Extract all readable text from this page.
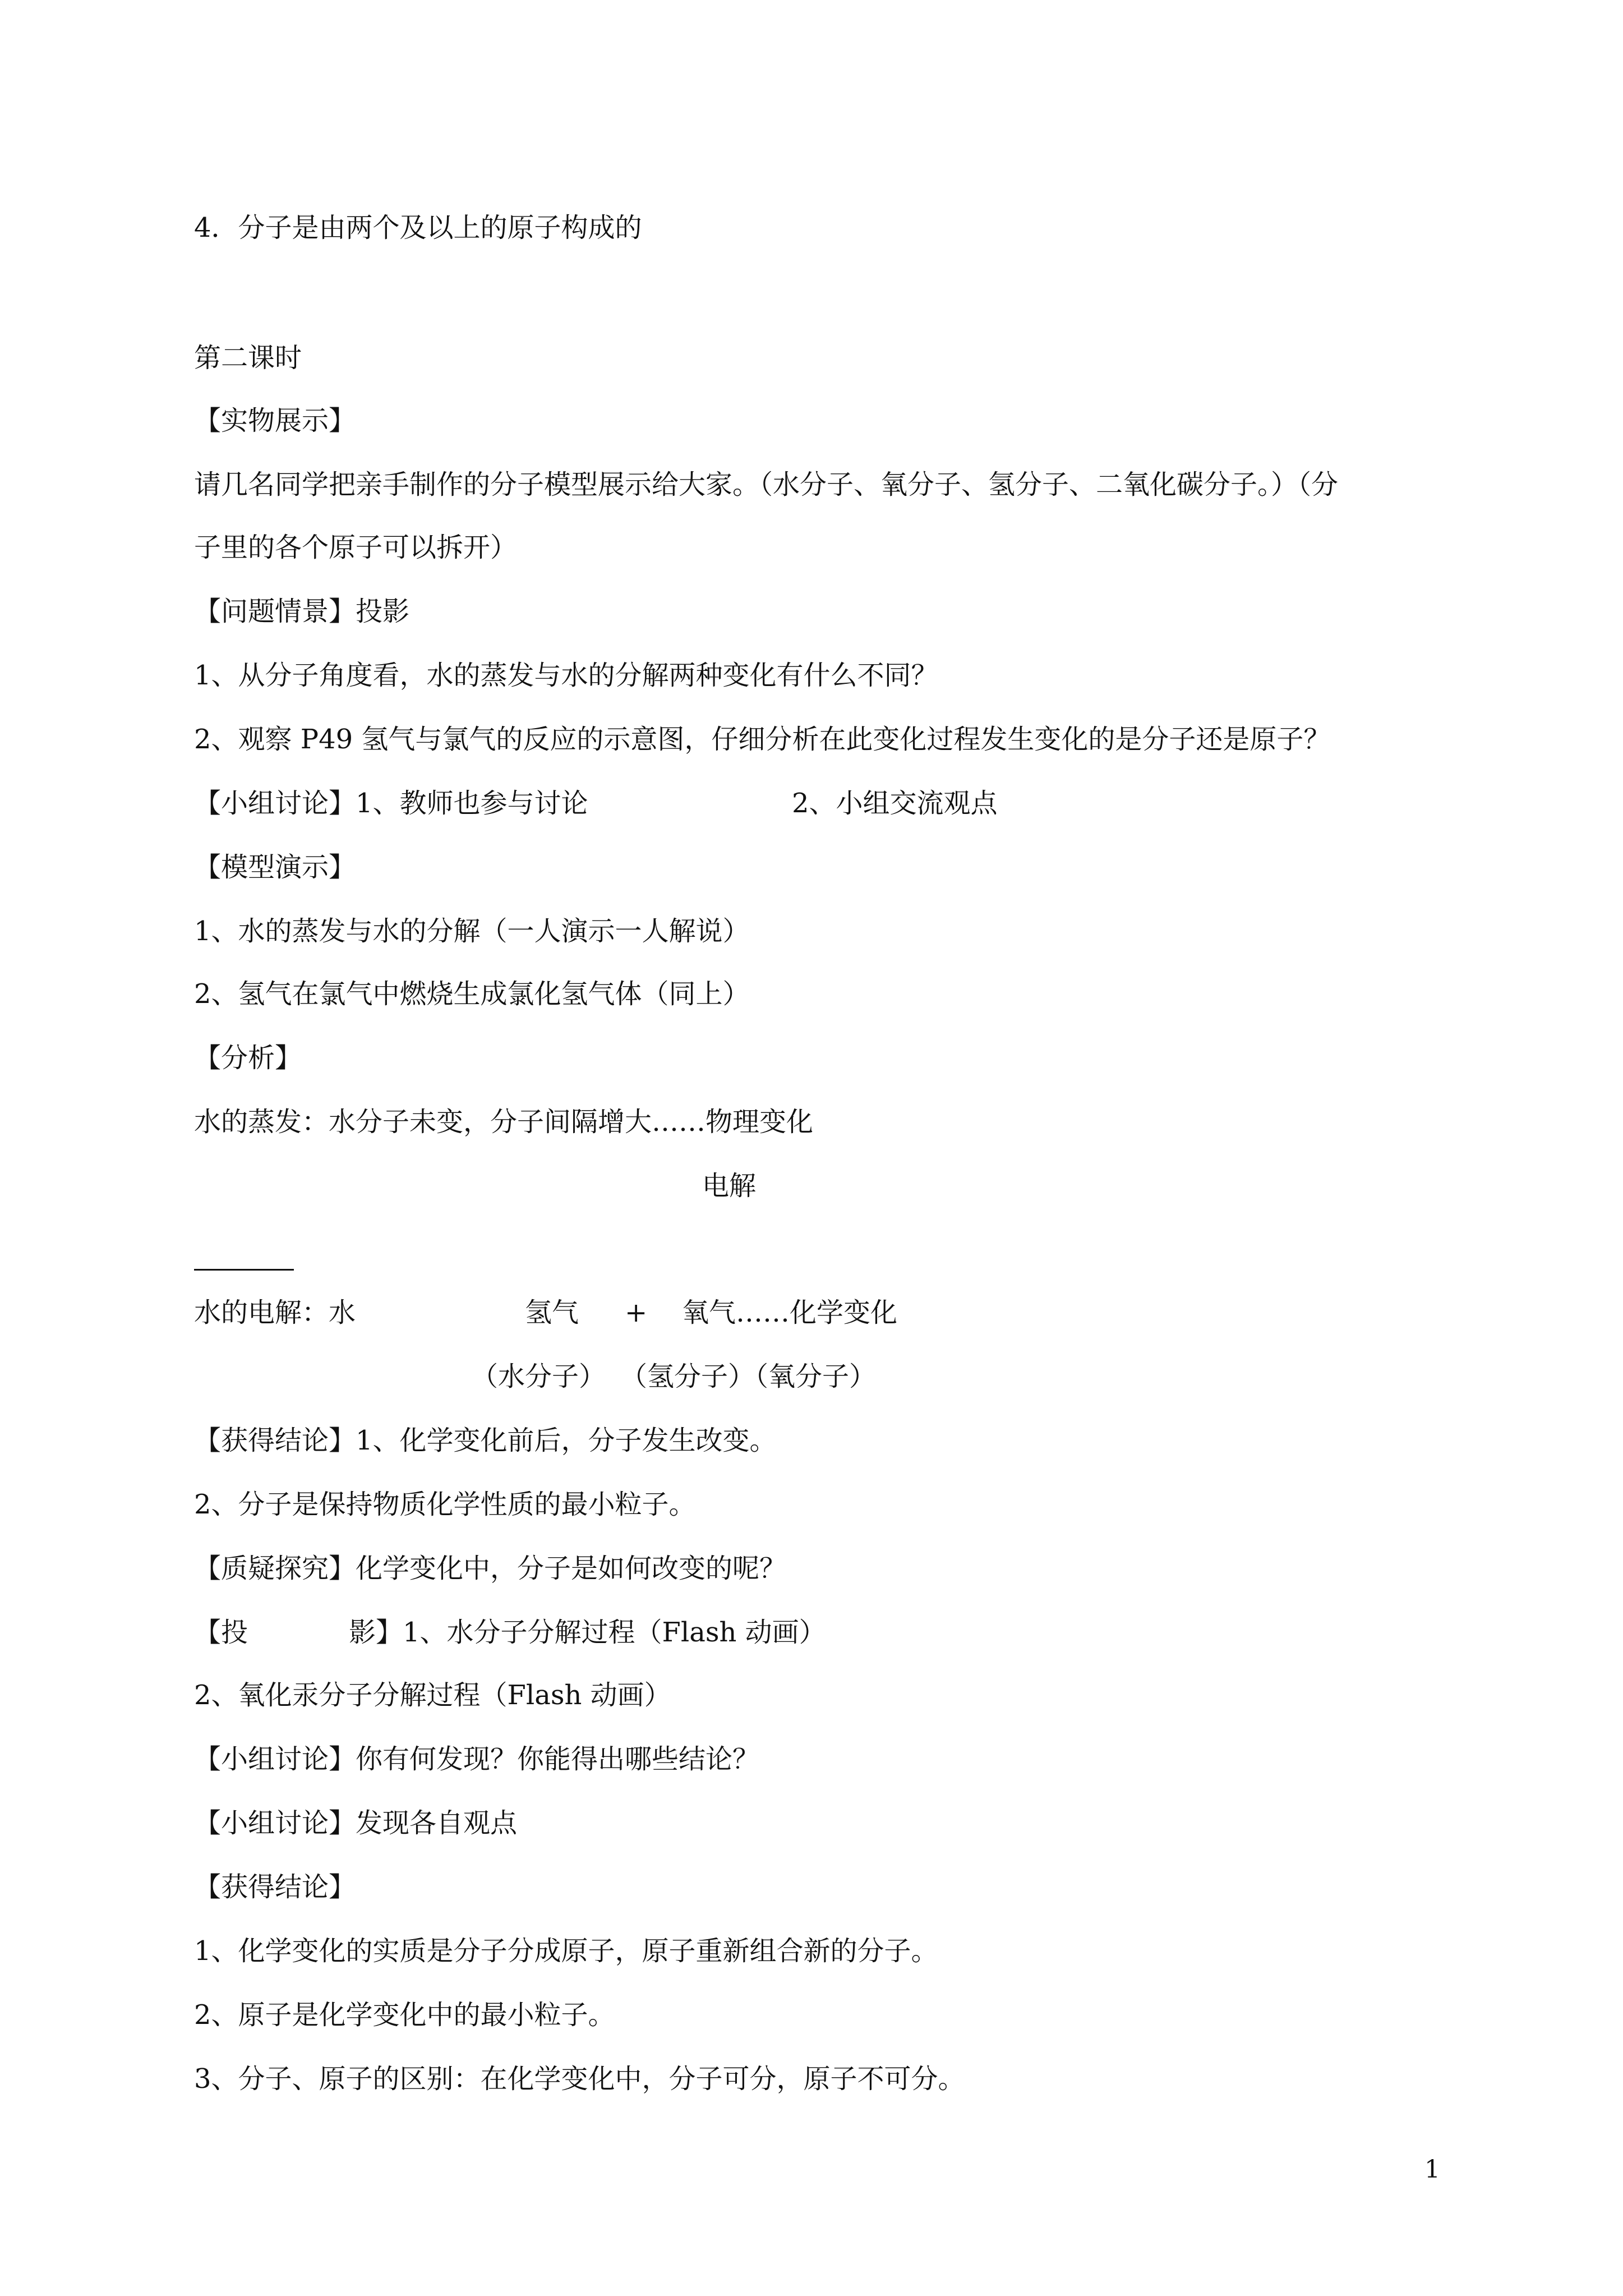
4．分子是由两个及以上的原子构成的
第二课时
【实物展示】
请几名同学把亲手制作的分子模型展示给大家。（水分子、氧分子、氢分子、二氧化碳分子。）（分
子里的各个原子可以拆开）
【问题情景】投影
1、从分子角度看，水的蒸发与水的分解两种变化有什么不同？
2、观察 P49 氢气与氯气的反应的示意图，仔细分析在此变化过程发生变化的是分子还是原子？
【小组讨论】1、教师也参与讨论	2、小组交流观点
【模型演示】
1、水的蒸发与水的分解（一人演示一人解说）
2、氢气在氯气中燃烧生成氯化氢气体（同上）
【分析】
水的蒸发：水分子未变，分子间隔增大……物理变化
电解
水的电解：水	氢气 + 氧气……化学变化
（水分子） （氢分子）（氧分子）
【获得结论】1、化学变化前后，分子发生改变。
2、分子是保持物质化学性质的最小粒子。
【质疑探究】化学变化中，分子是如何改变的呢？
【投	影】1、水分子分解过程（Flash 动画）
2、氧化汞分子分解过程（Flash 动画）
【小组讨论】你有何发现？你能得出哪些结论？
【小组讨论】发现各自观点
【获得结论】
1、化学变化的实质是分子分成原子，原子重新组合新的分子。
2、原子是化学变化中的最小粒子。
3、分子、原子的区别：在化学变化中，分子可分，原子不可分。
1
